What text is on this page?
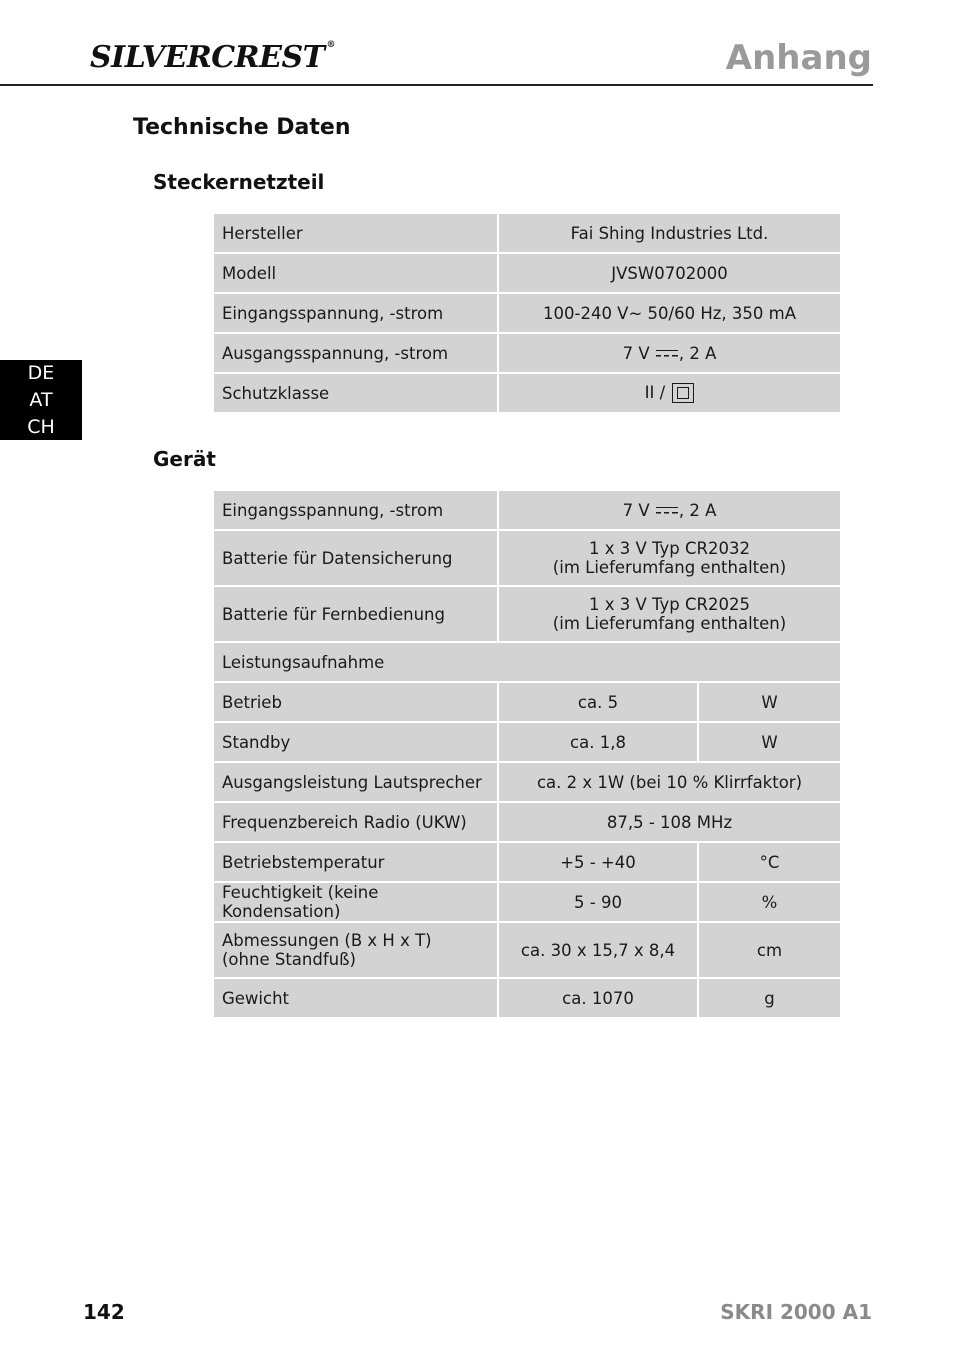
SILVERCREST ®	Anhang
Technische Daten
DE
AT
CH
Steckernetzteil
Hersteller	Fai Shing Industries Ltd.
Modell	JVSW0702000
Eingangsspannung, -strom	100-240 V~ 50/60 Hz, 350 mA
Ausgangsspannung, -strom	7 V , 2 A
Schutzklasse	II /
Gerät
Eingangsspannung, -strom	7 V , 2 A	
Batterie für Datensicherung	1 x 3 V Typ CR2032
(im Lieferumfang enthalten)	

Batterie für Fernbedienung	1 x 3 V Typ CR2025
(im Lieferumfang enthalten)	

Leistungsaufnahme		
Betrieb	ca. 5	W
Standby	ca. 1,8	W
Ausgangsleistung Lautsprecher	ca. 2 x 1W (bei 10 % Klirrfaktor)	
Frequenzbereich Radio (UKW)	87,5 - 108 MHz	
Betriebstemperatur	+5 - +40	°C
Feuchtigkeit (keine Kondensation)	5 - 90	%

Abmessungen (B x H x T)
(ohne Standfuß)	ca. 30 x 15,7 x 8,4	cm
Gewicht	ca. 1070	g
142	SKRI 2000 A1
